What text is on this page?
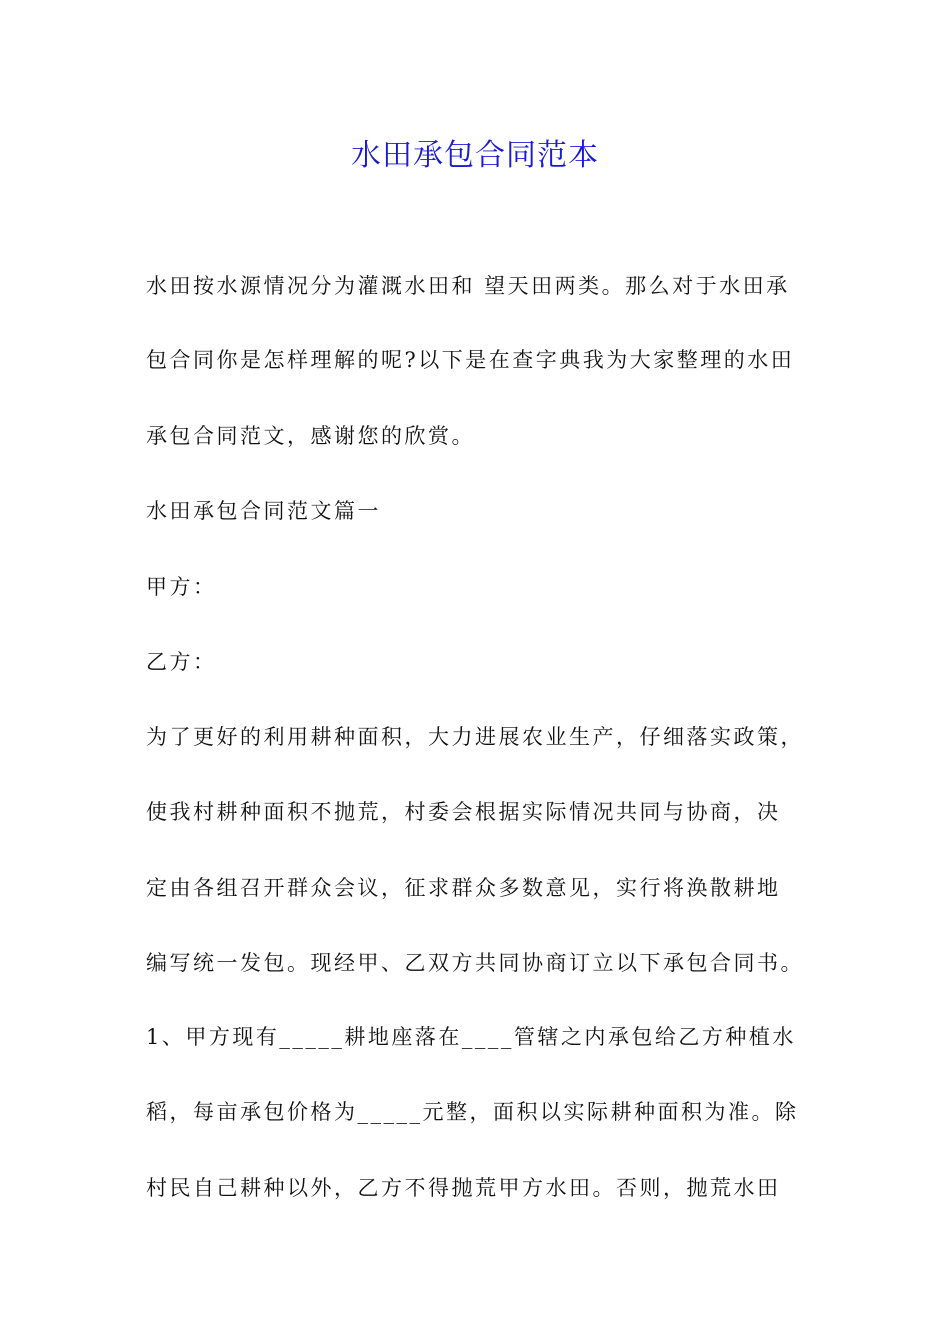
水田承包合同范本
水田按水源情况分为灌溉水田和 望天田两类。那么对于水田承
包合同你是怎样理解的呢?以下是在查字典我为大家整理的水田
承包合同范文，感谢您的欣赏。
水田承包合同范文篇一
甲方：
乙方：
为了更好的利用耕种面积，大力进展农业生产，仔细落实政策，
使我村耕种面积不抛荒，村委会根据实际情况共同与协商，决
定由各组召开群众会议，征求群众多数意见，实行将涣散耕地
编写统一发包。现经甲、乙双方共同协商订立以下承包合同书。
1、甲方现有_____耕地座落在____管辖之内承包给乙方种植水
稻，每亩承包价格为_____元整，面积以实际耕种面积为准。除
村民自己耕种以外，乙方不得抛荒甲方水田。否则，抛荒水田
